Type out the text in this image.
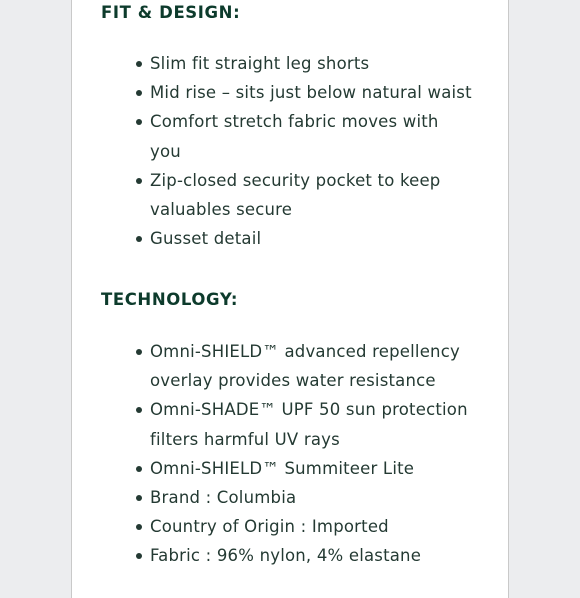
FIT & DESIGN:
Slim fit straight leg shorts
Mid rise – sits just below natural waist
Comfort stretch fabric moves with
you
Zip-closed security pocket to keep
valuables secure
Gusset detail
TECHNOLOGY:
Omni-SHIELD™ advanced repellency
overlay provides water resistance
Omni-SHADE™ UPF 50 sun protection
filters harmful UV rays
Omni-SHIELD™ Summiteer Lite
Brand : Columbia
Country of Origin : Imported
Fabric : 96% nylon, 4% elastane
